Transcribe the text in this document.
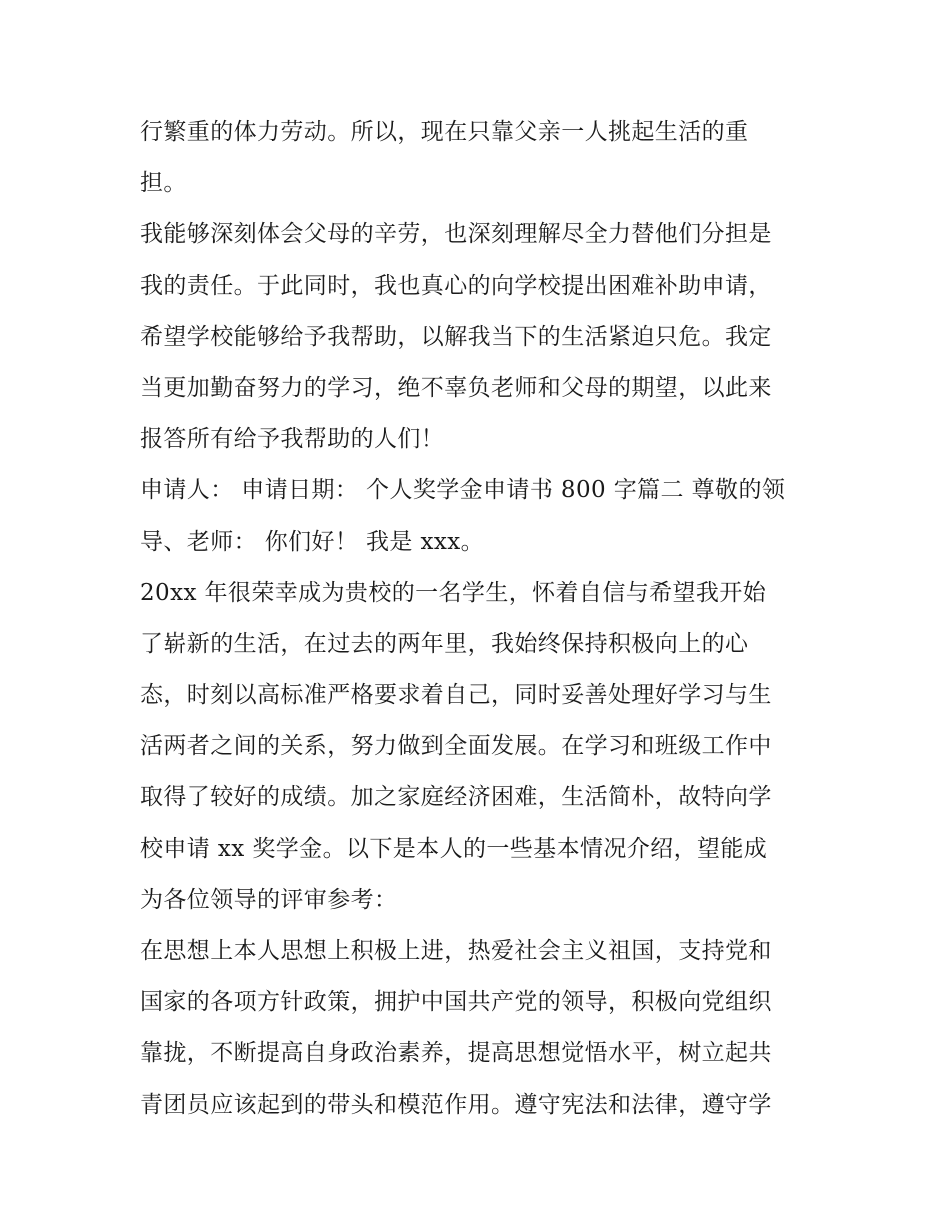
行繁重的体力劳动。所以，现在只靠父亲一人挑起生活的重
担。
我能够深刻体会父母的辛劳，也深刻理解尽全力替他们分担是
我的责任。于此同时，我也真心的向学校提出困难补助申请，
希望学校能够给予我帮助，以解我当下的生活紧迫只危。我定
当更加勤奋努力的学习，绝不辜负老师和父母的期望，以此来
报答所有给予我帮助的人们！
申请人： 申请日期： 个人奖学金申请书 800 字篇二 尊敬的领
导、老师： 你们好！ 我是 xxx。
20xx 年很荣幸成为贵校的一名学生，怀着自信与希望我开始
了崭新的生活，在过去的两年里，我始终保持积极向上的心
态，时刻以高标准严格要求着自己，同时妥善处理好学习与生
活两者之间的关系，努力做到全面发展。在学习和班级工作中
取得了较好的成绩。加之家庭经济困难，生活简朴，故特向学
校申请 xx 奖学金。以下是本人的一些基本情况介绍，望能成
为各位领导的评审参考：
在思想上本人思想上积极上进，热爱社会主义祖国，支持党和
国家的各项方针政策，拥护中国共产党的领导，积极向党组织
靠拢，不断提高自身政治素养，提高思想觉悟水平，树立起共
青团员应该起到的带头和模范作用。遵守宪法和法律，遵守学
